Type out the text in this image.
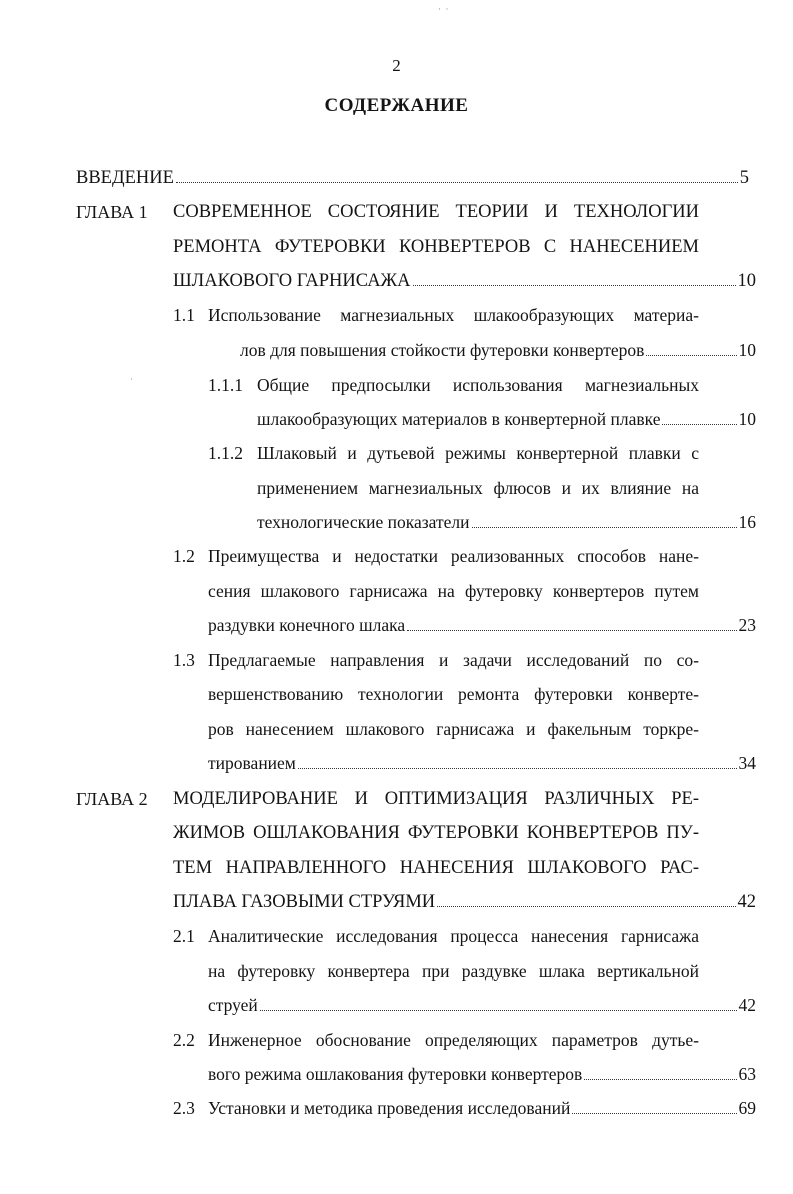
·  ·
·
2
СОДЕРЖАНИЕ
ВВЕДЕНИЕ	5
ГЛАВА 1 СОВРЕМЕННОЕ СОСТОЯНИЕ ТЕОРИИ И ТЕХНОЛОГИИ
РЕМОНТА ФУТЕРОВКИ КОНВЕРТЕРОВ С НАНЕСЕНИЕМ
ШЛАКОВОГО ГАРНИСАЖА	10
1.1 Использование магнезиальных шлакообразующих материа-
лов для повышения стойкости футеровки конвертеров	10
1.1.1 Общие предпосылки использования магнезиальных
шлакообразующих материалов в конвертерной плавке	10
1.1.2 Шлаковый и дутьевой режимы конвертерной плавки с
применением магнезиальных флюсов и их влияние на
технологические показатели	16
1.2 Преимущества и недостатки реализованных способов нане-
сения шлакового гарнисажа на футеровку конвертеров путем
раздувки конечного шлака	23
1.3 Предлагаемые направления и задачи исследований по со-
вершенствованию технологии ремонта футеровки конверте-
ров нанесением шлакового гарнисажа и факельным торкре-
тированием	34
ГЛАВА 2 МОДЕЛИРОВАНИЕ И ОПТИМИЗАЦИЯ РАЗЛИЧНЫХ РЕ-
ЖИМОВ ОШЛАКОВАНИЯ ФУТЕРОВКИ КОНВЕРТЕРОВ ПУ-
ТЕМ НАПРАВЛЕННОГО НАНЕСЕНИЯ ШЛАКОВОГО РАС-
ПЛАВА ГАЗОВЫМИ СТРУЯМИ	42
2.1 Аналитические исследования процесса нанесения гарнисажа
на футеровку конвертера при раздувке шлака вертикальной
струей	42
2.2 Инженерное обоснование определяющих параметров дутье-
вого режима ошлакования футеровки конвертеров	63
2.3 Установки и методика проведения исследований	69
